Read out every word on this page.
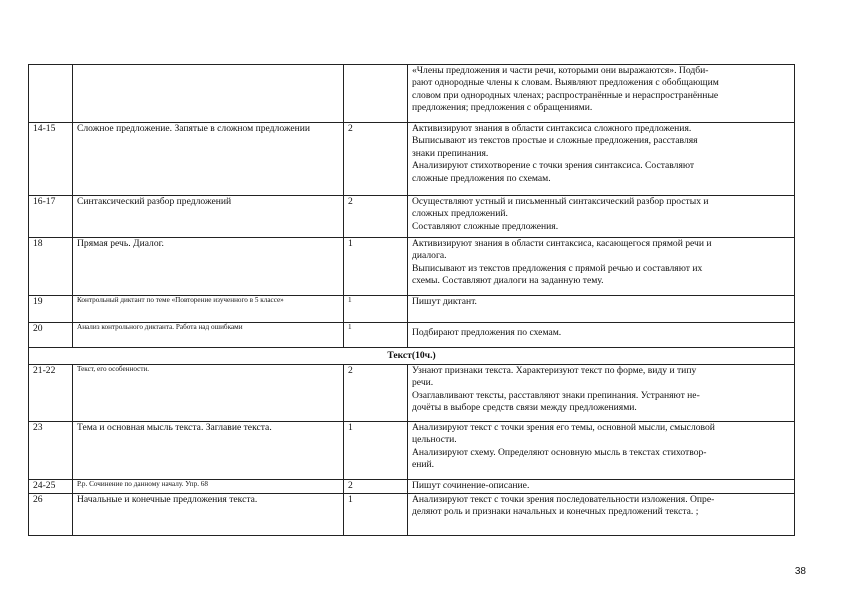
			«Члены предложения и части речи, которыми они выражаются». Подби-
рают однородные члены к словам. Выявляют предложения с обобщающим
словом при однородных членах; распространённые и нераспространённые
предложения; предложения с обращениями.

14-15	Сложное предложение. Запятые в сложном предложении	2	Активизируют знания в области синтаксиса сложного предложения.
Выписывают из текстов простые и сложные предложения, расставляя
знаки препинания.
Анализируют стихотворение с точки зрения синтаксиса. Составляют
сложные предложения по схемам.

16-17	Синтаксический разбор предложений	2	Осуществляют устный и письменный синтаксический разбор простых и
сложных предложений.
Составляют сложные предложения.

18	Прямая речь. Диалог.	1	Активизируют знания в области синтаксиса, касающегося прямой речи и
диалога.
Выписывают из текстов предложения с прямой речью и составляют их
схемы. Составляют диалоги на заданную тему.

19	Контрольный диктант по теме «Повторение изученного в 5 классе»	1	Пишут диктант.

20	Анализ контрольного диктанта. Работа над ошибками	1	Подбирают предложения по схемам.

Текст(10ч.)			
21-22	Текст, его особенности.	2	Узнают признаки текста. Характеризуют текст по форме, виду и типу
речи.
Озаглавливают тексты, расставляют знаки препинания. Устраняют не-
дочёты в выборе средств связи между предложениями.

23	Тема и основная мысль текста. Заглавие текста.	1	Анализируют текст с точки зрения его темы, основной мысли, смысловой
цельности.
Анализируют схему. Определяют основную мысль в текстах стихотвор-
ений.

24-25	Р.р. Сочинение по данному началу. Упр. 68	2	Пишут сочинение-описание.

26	Начальные и конечные предложения текста.	1	Анализируют текст с точки зрения последовательности изложения. Опре-
деляют роль и признаки начальных и конечных предложений текста. ;
38
